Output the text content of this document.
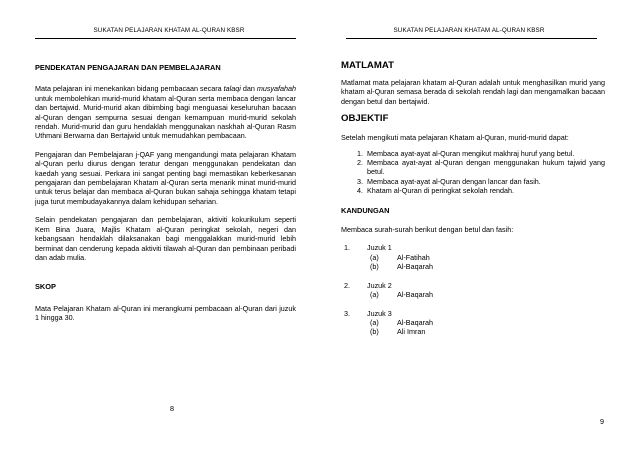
SUKATAN PELAJARAN KHATAM AL-QURAN KBSR
PENDEKATAN PENGAJARAN DAN PEMBELAJARAN

Mata pelajaran ini menekankan bidang pembacaan secara talaqi dan musyafahah untuk membolehkan murid-murid khatam al-Quran serta membaca dengan lancar dan bertajwid. Murid-murid akan dibimbing bagi menguasai keseluruhan bacaan al-Quran dengan sempurna sesuai dengan kemampuan murid-murid sekolah rendah. Murid-murid dan guru hendaklah menggunakan naskhah al-Quran Rasm Uthmani Berwarna dan Bertajwid untuk memudahkan pembacaan.

Pengajaran dan Pembelajaran j-QAF yang mengandungi mata pelajaran Khatam al-Quran perlu diurus dengan teratur dengan menggunakan pendekatan dan kaedah yang sesuai. Perkara ini sangat penting bagi memastikan keberkesanan pengajaran dan pembelajaran Khatam al-Quran serta menarik minat murid-murid untuk terus belajar dan membaca al-Quran bukan sahaja sehingga khatam tetapi juga turut membudayakannya dalam kehidupan seharian.

Selain pendekatan pengajaran dan pembelajaran, aktiviti kokurikulum seperti Kem Bina Juara, Majlis Khatam al-Quran peringkat sekolah, negeri dan kebangsaan hendaklah dilaksanakan bagi menggalakkan murid-murid lebih berminat dan cenderung kepada aktiviti tilawah al-Quran dan pembinaan peribadi dan adab mulia.

SKOP

Mata Pelajaran Khatam al-Quran ini merangkumi pembacaan al-Quran dari juzuk 1 hingga 30.

8
SUKATAN PELAJARAN KHATAM AL-QURAN KBSR
MATLAMAT

Matlamat mata pelajaran khatam al-Quran adalah untuk menghasilkan murid yang khatam al-Quran semasa berada di sekolah rendah lagi dan mengamalkan bacaan dengan betul dan bertajwid.

OBJEKTIF

Setelah mengikuti mata pelajaran Khatam al-Quran, murid-murid dapat:

1. Membaca ayat-ayat al-Quran mengikut makhraj huruf yang betul.
2. Membaca ayat-ayat al-Quran dengan menggunakan hukum tajwid yang betul.
3. Membaca ayat-ayat al-Quran dengan lancar dan fasih.
4. Khatam al-Quran di peringkat sekolah rendah.
KANDUNGAN

Membaca surah-surah berikut dengan betul dan fasih:

1. Juzuk 1
(a)	Al-Fatihah
(b)	Al-Baqarah
2. Juzuk 2
(a)	Al-Baqarah
3. Juzuk 3
(a)	Al-Baqarah
(b)	Ali Imran
9
